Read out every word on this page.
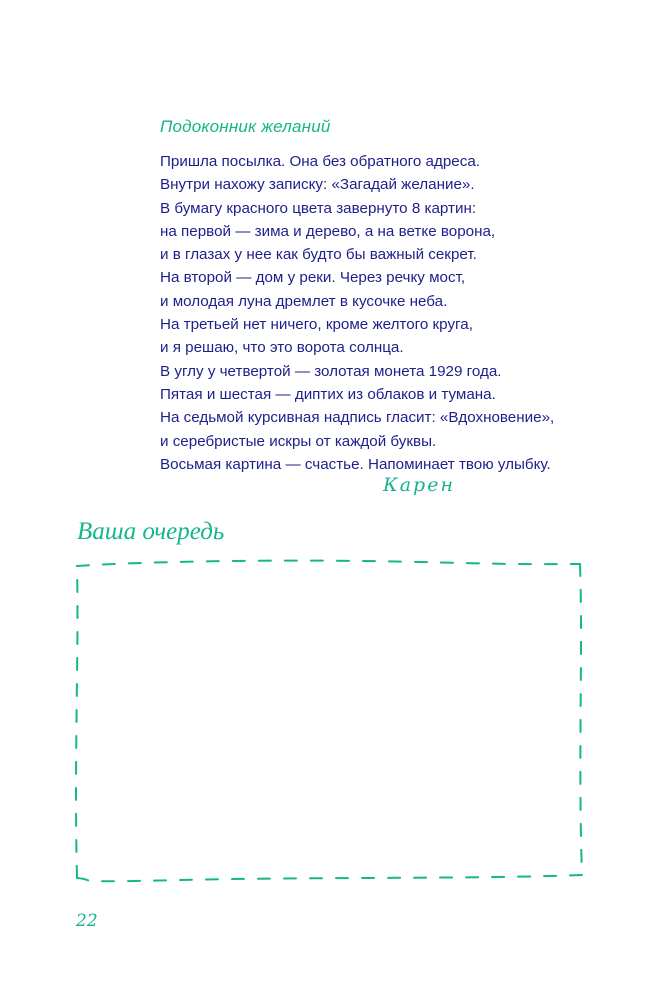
Подоконник желаний
Пришла посылка. Она без обратного адреса.
Внутри нахожу записку: «Загадай желание».
В бумагу красного цвета завернуто 8 картин:
на первой — зима и дерево, а на ветке ворона,
и в глазах у нее как будто бы важный секрет.
На второй — дом у реки. Через речку мост,
и молодая луна дремлет в кусочке неба.
На третьей нет ничего, кроме желтого круга,
и я решаю, что это ворота солнца.
В углу у четвертой — золотая монета 1929 года.
Пятая и шестая — диптих из облаков и тумана.
На седьмой курсивная надпись гласит: «Вдохновение»,
и серебристые искры от каждой буквы.
Восьмая картина — счастье. Напоминает твою улыбку.
Карен
Ваша очередь
22
